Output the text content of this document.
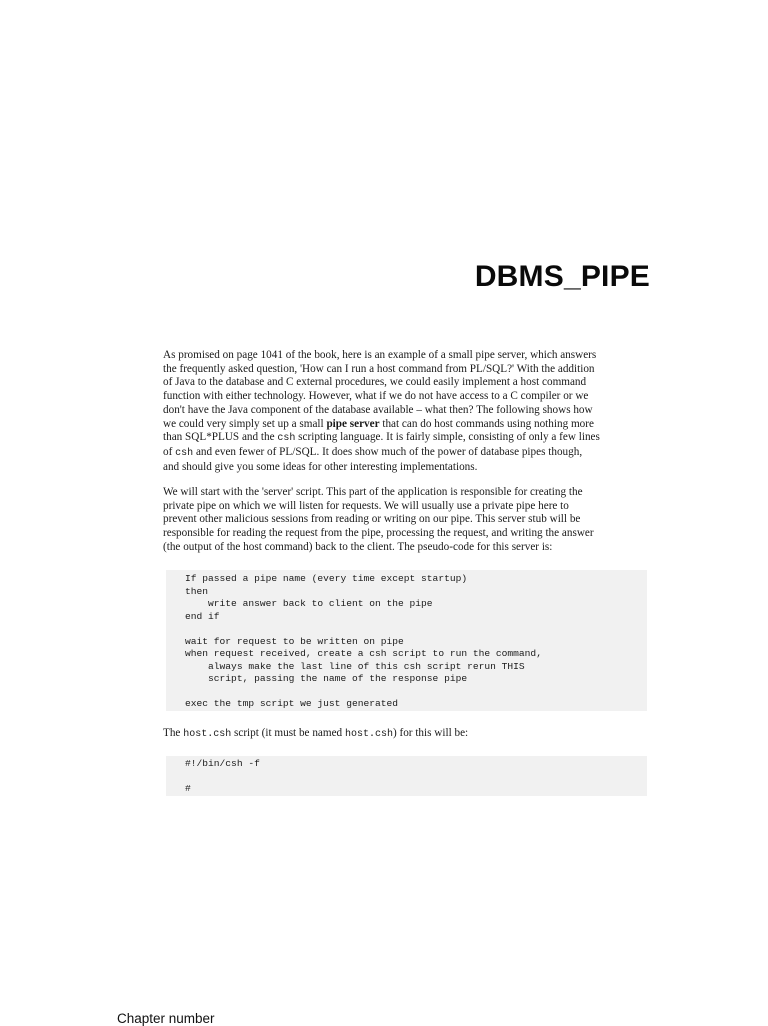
DBMS_PIPE
As promised on page 1041 of the book, here is an example of a small pipe server, which answers
the frequently asked question, 'How can I run a host command from PL/SQL?' With the addition
of Java to the database and C external procedures, we could easily implement a host command
function with either technology. However, what if we do not have access to a C compiler or we
don't have the Java component of the database available – what then? The following shows how
we could very simply set up a small pipe server that can do host commands using nothing more
than SQL*PLUS and the csh scripting language. It is fairly simple, consisting of only a few lines
of csh and even fewer of PL/SQL. It does show much of the power of database pipes though,
and should give you some ideas for other interesting implementations.
We will start with the 'server' script. This part of the application is responsible for creating the
private pipe on which we will listen for requests. We will usually use a private pipe here to
prevent other malicious sessions from reading or writing on our pipe. This server stub will be
responsible for reading the request from the pipe, processing the request, and writing the answer
(the output of the host command) back to the client. The pseudo-code for this server is:
If passed a pipe name (every time except startup)
then
write answer back to client on the pipe
end if
wait for request to be written on pipe
when request received, create a csh script to run the command,
always make the last line of this csh script rerun THIS
script, passing the name of the response pipe
exec the tmp script we just generated
The host.csh script (it must be named host.csh) for this will be:
#!/bin/csh -f
#
Chapter number
